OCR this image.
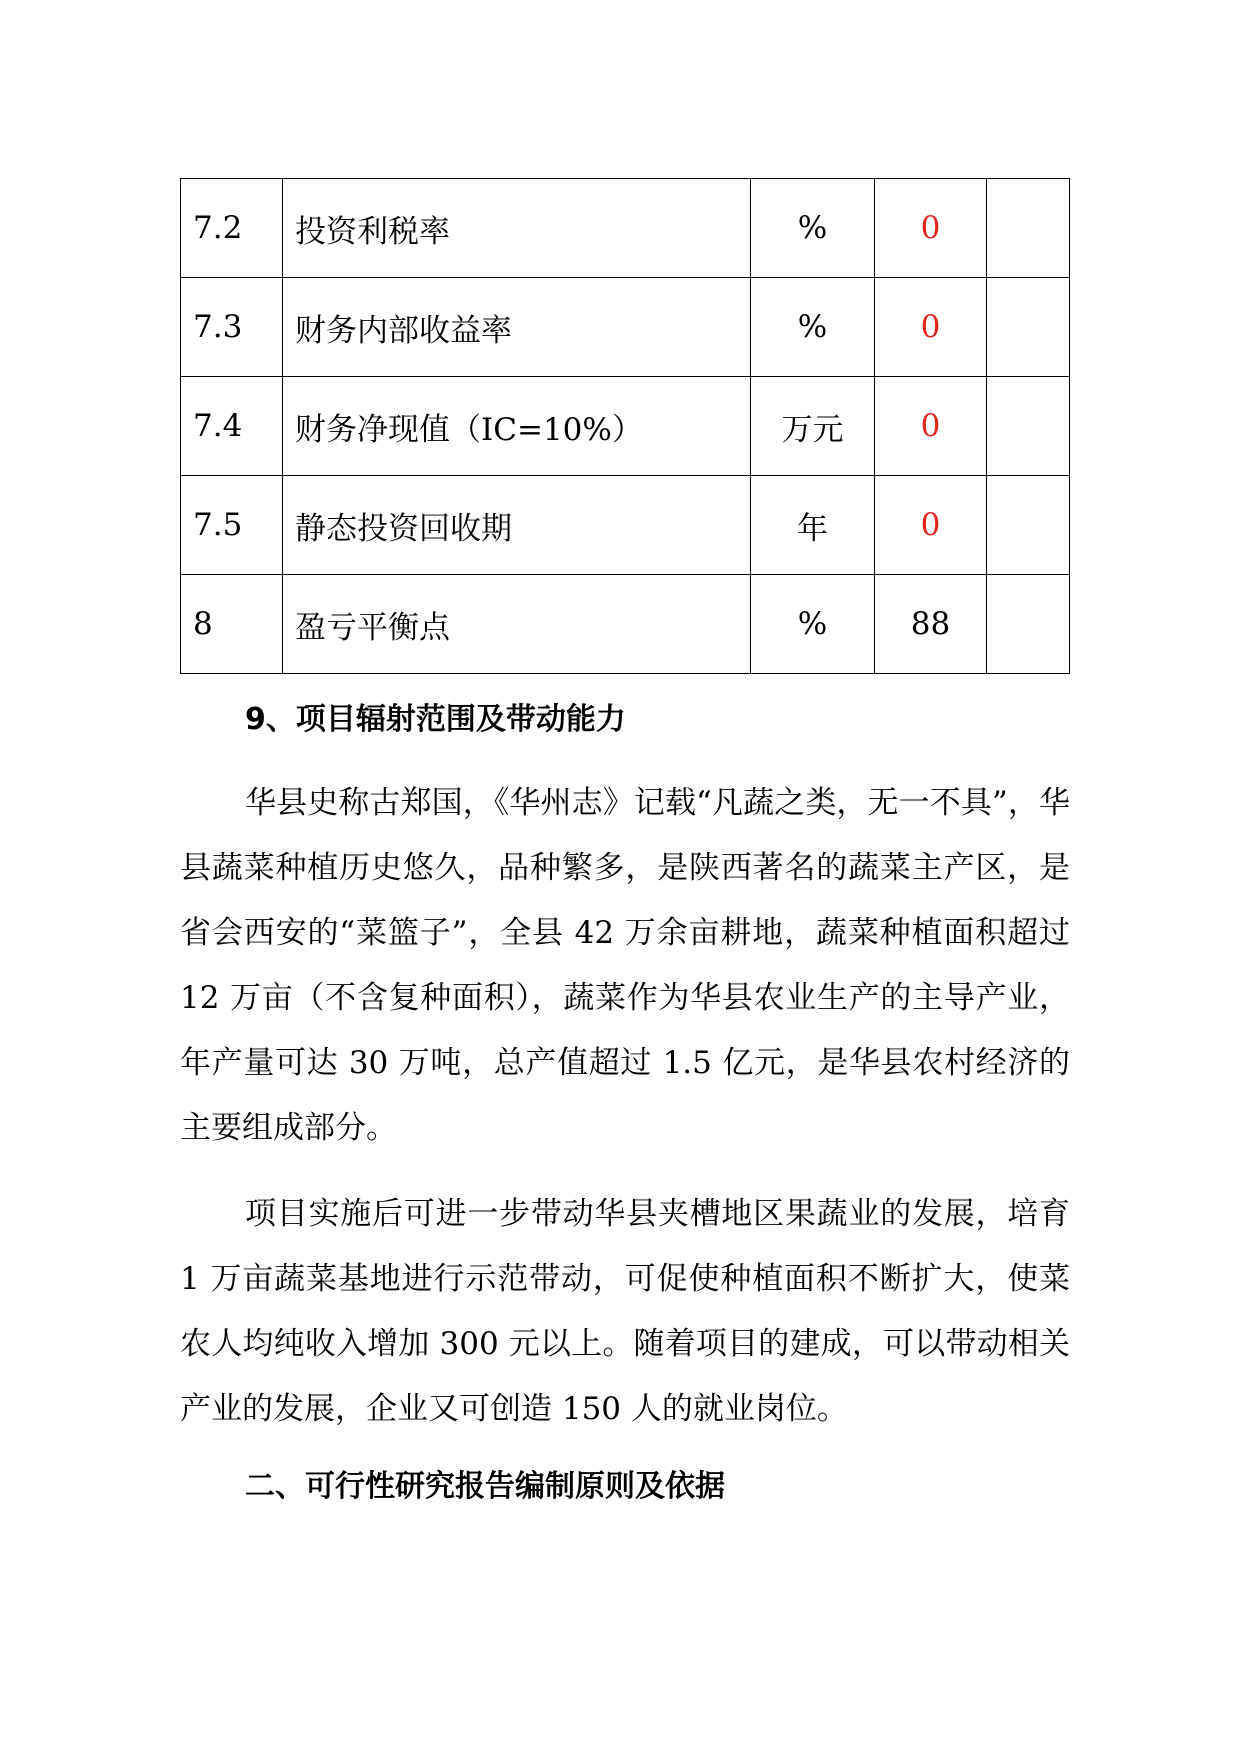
7.2	投资利税率	%	0	
7.3	财务内部收益率	%	0	
7.4	财务净现值（IC=10%）	万元	0	
7.5	静态投资回收期	年	0	
8	盈亏平衡点	%	88	
9、项目辐射范围及带动能力

华县史称古郑国，《华州志》记载“凡蔬之类，无一不具”，华县蔬菜种植历史悠久，品种繁多，是陕西著名的蔬菜主产区，是省会西安的“菜篮子”，全县 42 万余亩耕地，蔬菜种植面积超过 12 万亩（不含复种面积），蔬菜作为华县农业生产的主导产业，年产量可达 30 万吨，总产值超过 1.5 亿元，是华县农村经济的主要组成部分。

项目实施后可进一步带动华县夹槽地区果蔬业的发展，培育 1 万亩蔬菜基地进行示范带动，可促使种植面积不断扩大，使菜农人均纯收入增加 300 元以上。随着项目的建成，可以带动相关产业的发展，企业又可创造 150 人的就业岗位。

二、可行性研究报告编制原则及依据
